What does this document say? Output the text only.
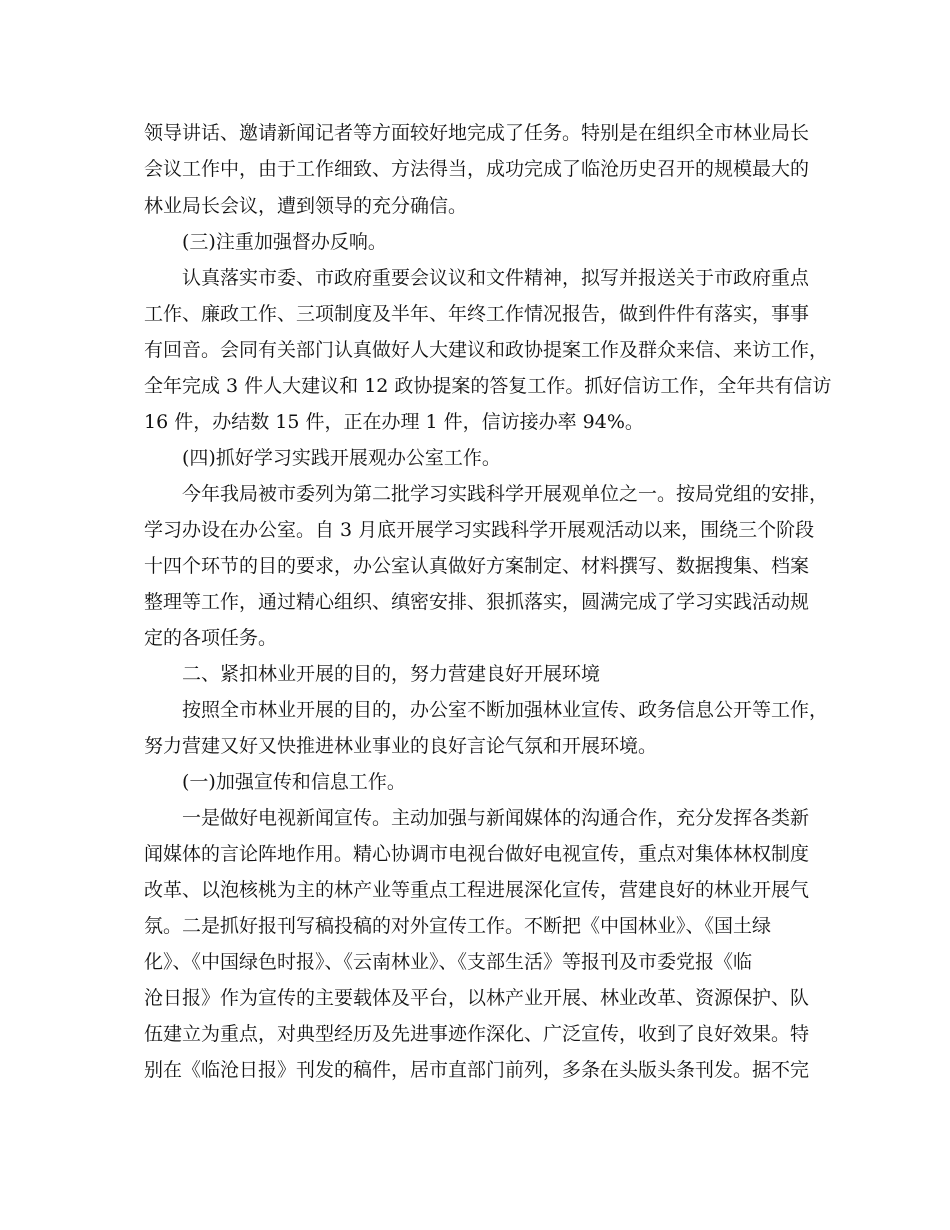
领导讲话、邀请新闻记者等方面较好地完成了任务。特别是在组织全市林业局长
会议工作中，由于工作细致、方法得当，成功完成了临沧历史召开的规模最大的
林业局长会议，遭到领导的充分确信。
(三)注重加强督办反响。
认真落实市委、市政府重要会议议和文件精神，拟写并报送关于市政府重点
工作、廉政工作、三项制度及半年、年终工作情况报告，做到件件有落实，事事
有回音。会同有关部门认真做好人大建议和政协提案工作及群众来信、来访工作，
全年完成 3 件人大建议和 12 政协提案的答复工作。抓好信访工作，全年共有信访
16 件，办结数 15 件，正在办理 1 件，信访接办率 94%。
(四)抓好学习实践开展观办公室工作。
今年我局被市委列为第二批学习实践科学开展观单位之一。按局党组的安排，
学习办设在办公室。自 3 月底开展学习实践科学开展观活动以来，围绕三个阶段
十四个环节的目的要求，办公室认真做好方案制定、材料撰写、数据搜集、档案
整理等工作，通过精心组织、缜密安排、狠抓落实，圆满完成了学习实践活动规
定的各项任务。
二、紧扣林业开展的目的，努力营建良好开展环境
按照全市林业开展的目的，办公室不断加强林业宣传、政务信息公开等工作，
努力营建又好又快推进林业事业的良好言论气氛和开展环境。
(一)加强宣传和信息工作。
一是做好电视新闻宣传。主动加强与新闻媒体的沟通合作，充分发挥各类新
闻媒体的言论阵地作用。精心协调市电视台做好电视宣传，重点对集体林权制度
改革、以泡核桃为主的林产业等重点工程进展深化宣传，营建良好的林业开展气
氛。二是抓好报刊写稿投稿的对外宣传工作。不断把《中国林业》、《国土绿
化》、《中国绿色时报》、《云南林业》、《支部生活》等报刊及市委党报《临
沧日报》作为宣传的主要载体及平台，以林产业开展、林业改革、资源保护、队
伍建立为重点，对典型经历及先进事迹作深化、广泛宣传，收到了良好效果。特
别在《临沧日报》刊发的稿件，居市直部门前列，多条在头版头条刊发。据不完
